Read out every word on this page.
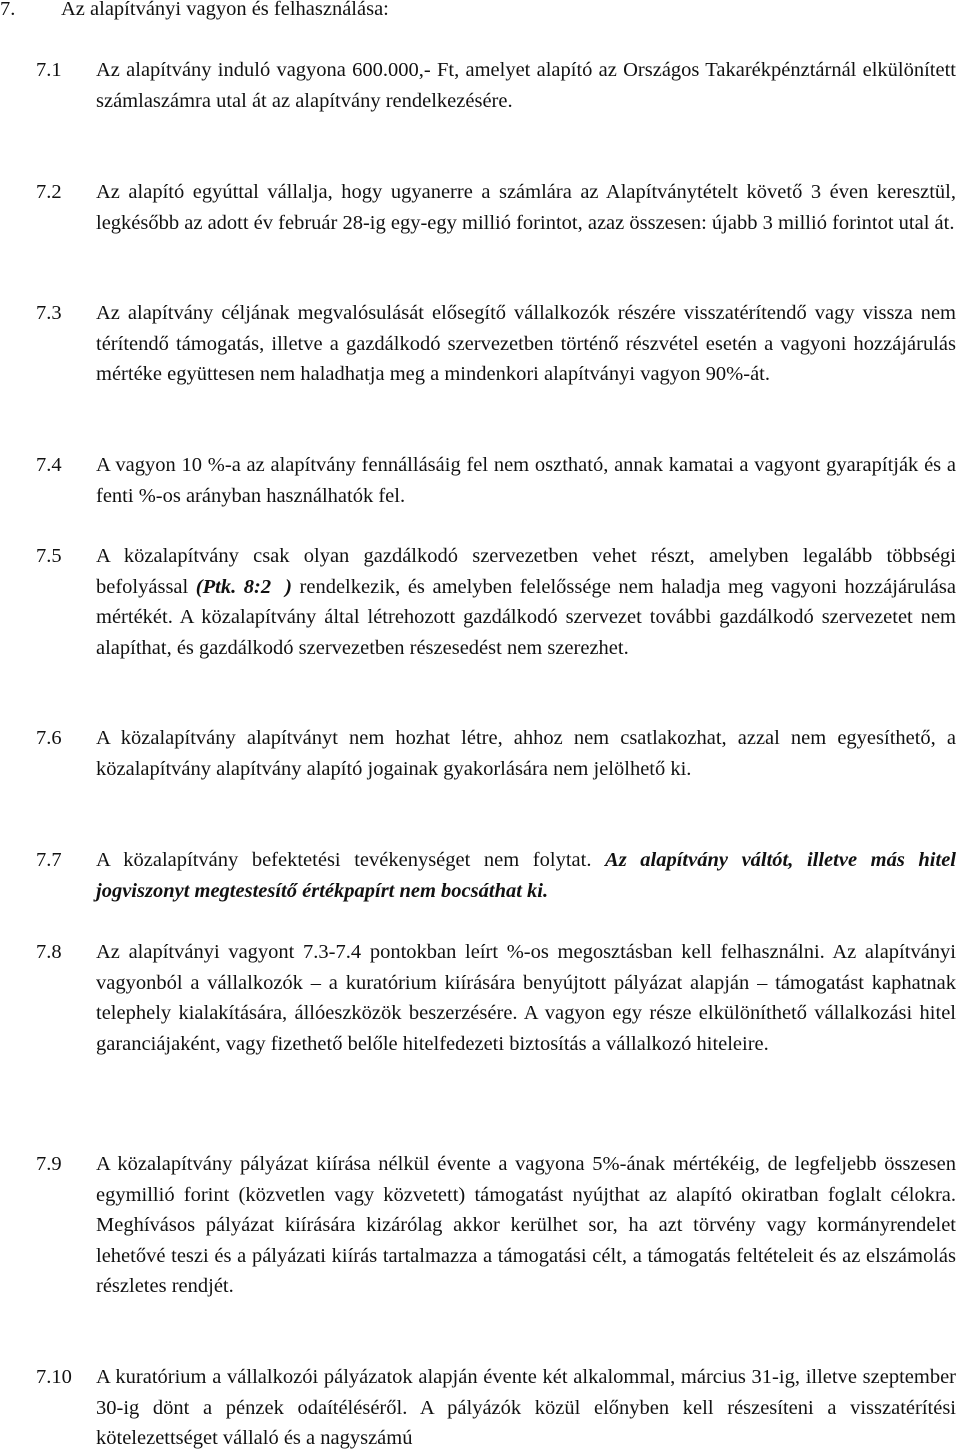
7. Az alapítványi vagyon és felhasználása:
7.1 Az alapítvány induló vagyona 600.000,- Ft, amelyet alapító az Országos Takarékpénztárnál elkülönített számlaszámra utal át az alapítvány rendelkezésére.
7.2 Az alapító egyúttal vállalja, hogy ugyanerre a számlára az Alapítványtételt követő 3 éven keresztül, legkésőbb az adott év február 28-ig egy-egy millió forintot, azaz összesen: újabb 3 millió forintot utal át.
7.3 Az alapítvány céljának megvalósulását elősegítő vállalkozók részére visszatérítendő vagy vissza nem térítendő támogatás, illetve a gazdálkodó szervezetben történő részvétel esetén a vagyoni hozzájárulás mértéke együttesen nem haladhatja meg a mindenkori alapítványi vagyon 90%-át.
7.4 A vagyon 10 %-a az alapítvány fennállásáig fel nem osztható, annak kamatai a vagyont gyarapítják és a fenti %-os arányban használhatók fel.
7.5 A közalapítvány csak olyan gazdálkodó szervezetben vehet részt, amelyben legalább többségi befolyással (Ptk. 8:2 ) rendelkezik, és amelyben felelőssége nem haladja meg vagyoni hozzájárulása mértékét. A közalapítvány által létrehozott gazdálkodó szervezet további gazdálkodó szervezetet nem alapíthat, és gazdálkodó szervezetben részesedést nem szerezhet.
7.6 A közalapítvány alapítványt nem hozhat létre, ahhoz nem csatlakozhat, azzal nem egyesíthető, a közalapítvány alapítvány alapító jogainak gyakorlására nem jelölhető ki.
7.7 A közalapítvány befektetési tevékenységet nem folytat. Az alapítvány váltót, illetve más hitel jogviszonyt megtestesítő értékpapírt nem bocsáthat ki.
7.8 Az alapítványi vagyont 7.3-7.4 pontokban leírt %-os megosztásban kell felhasználni. Az alapítványi vagyonból a vállalkozók – a kuratórium kiírására benyújtott pályázat alapján – támogatást kaphatnak telephely kialakítására, állóeszközök beszerzésére. A vagyon egy része elkülöníthető vállalkozási hitel garanciájaként, vagy fizethető belőle hitelfedezeti biztosítás a vállalkozó hiteleire.
7.9 A közalapítvány pályázat kiírása nélkül évente a vagyona 5%-ának mértékéig, de legfeljebb összesen egymillió forint (közvetlen vagy közvetett) támogatást nyújthat az alapító okiratban foglalt célokra. Meghívásos pályázat kiírására kizárólag akkor kerülhet sor, ha azt törvény vagy kormányrendelet lehetővé teszi és a pályázati kiírás tartalmazza a támogatási célt, a támogatás feltételeit és az elszámolás részletes rendjét.
7.10 A kuratórium a vállalkozói pályázatok alapján évente két alkalommal, március 31-ig, illetve szeptember 30-ig dönt a pénzek odaítéléséről. A pályázók közül előnyben kell részesíteni a visszatérítési kötelezettséget vállaló és a nagyszámú
